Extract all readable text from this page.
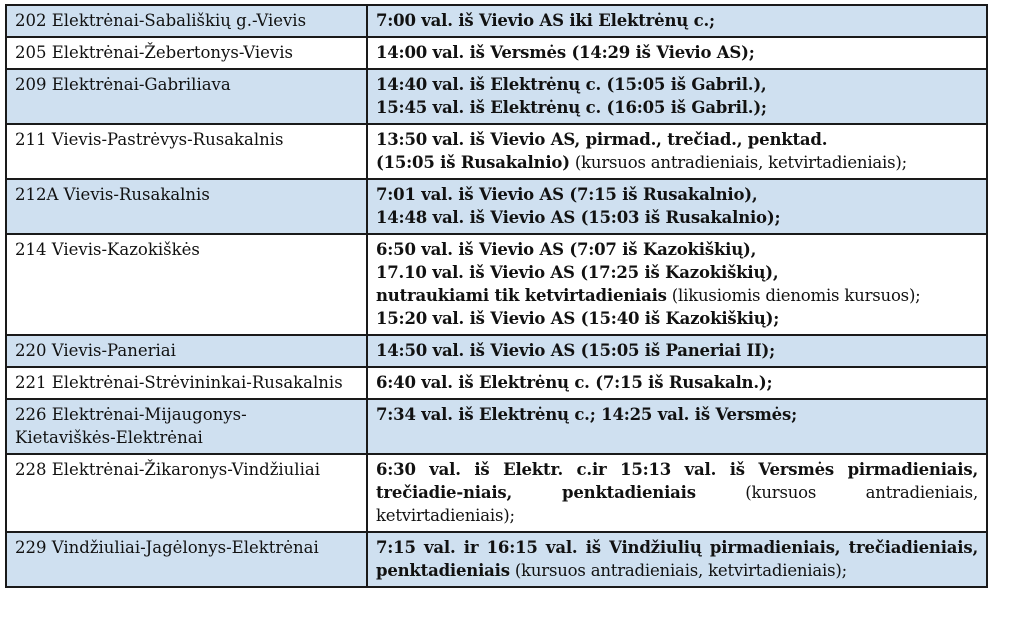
202 Elektrėnai-Sabališkių g.-Vievis	7:00 val. iš Vievio AS iki Elektrėnų c.;

205 Elektrėnai-Žebertonys-Vievis	14:00 val. iš Versmės (14:29 iš Vievio AS);

209 Elektrėnai-Gabriliava	14:40 val. iš Elektrėnų c. (15:05 iš Gabril.),
15:45 val. iš Elektrėnų c. (16:05 iš Gabril.);

211 Vievis-Pastrėvys-Rusakalnis	13:50 val. iš Vievio AS, pirmad., trečiad., penktad.
(15:05 iš Rusakalnio) (kursuos antradieniais, ketvirtadieniais);

212A Vievis-Rusakalnis	7:01 val. iš Vievio AS (7:15 iš Rusakalnio),
14:48 val. iš Vievio AS (15:03 iš Rusakalnio);

214 Vievis-Kazokiškės	6:50 val. iš Vievio AS (7:07 iš Kazokiškių),
17.10 val. iš Vievio AS (17:25 iš Kazokiškių),
nutraukiami tik ketvirtadieniais (likusiomis dienomis kursuos);
15:20 val. iš Vievio AS (15:40 iš Kazokiškių);

220 Vievis-Paneriai	14:50 val. iš Vievio AS (15:05 iš Paneriai II);

221 Elektrėnai-Strėvininkai-Rusakalnis	6:40 val. iš Elektrėnų c. (7:15 iš Rusakaln.);

226 Elektrėnai-Mijaugonys-
Kietaviškės-Elektrėnai	7:34 val. iš Elektrėnų c.; 14:25 val. iš Versmės;

228 Elektrėnai-Žikaronys-Vindžiuliai	6:30 val. iš Elektr. c.ir 15:13 val. iš Versmės pirmadieniais, trečiadie-niais, penktadieniais (kursuos antradieniais, ketvirtadieniais);

229 Vindžiuliai-Jagėlonys-Elektrėnai	7:15 val. ir 16:15 val. iš Vindžiulių pirmadieniais, trečiadieniais, penktadieniais (kursuos antradieniais, ketvirtadieniais);
